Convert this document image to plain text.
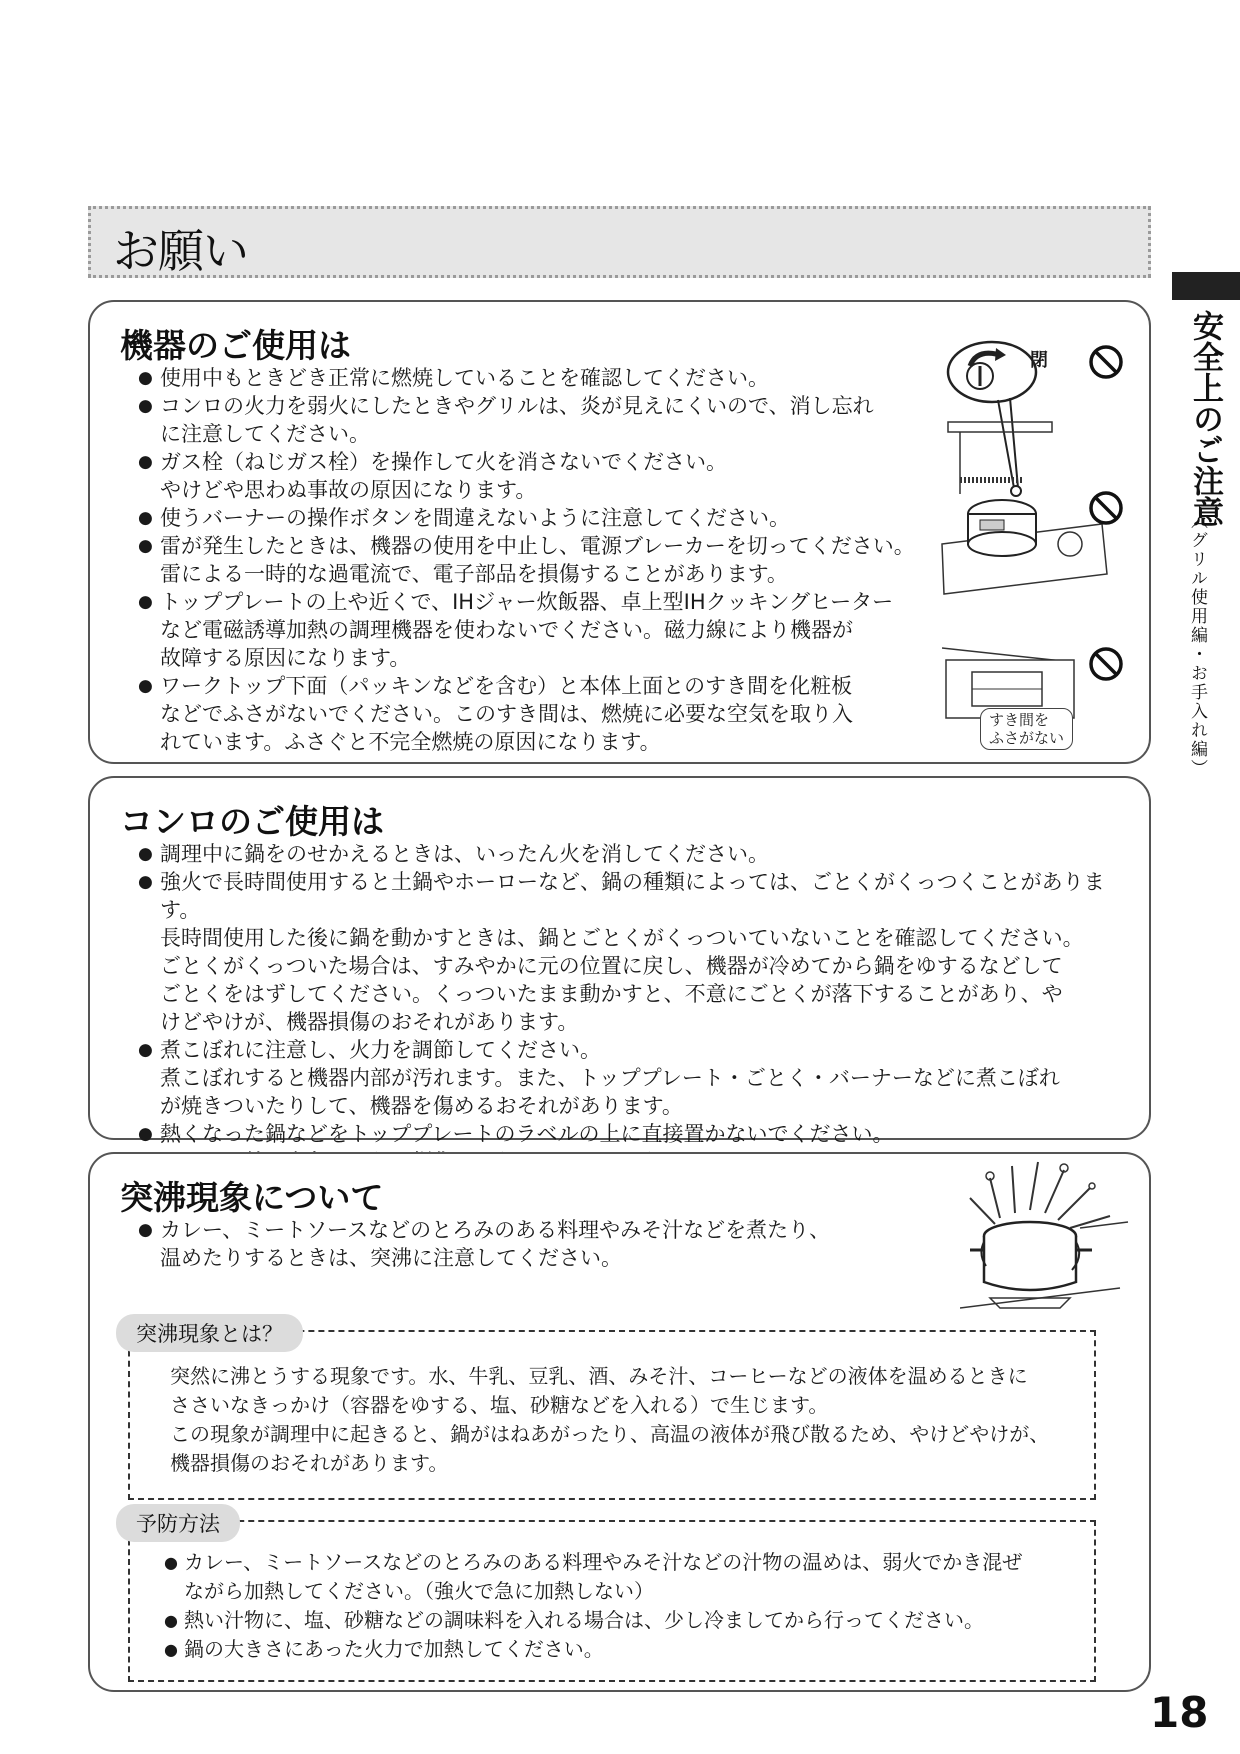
お願い
安全上のご注意
（グリル使用編・お手入れ編）
機器のご使用は
● 使用中もときどき正常に燃焼していることを確認してください。
● コンロの火力を弱火にしたときやグリルは、炎が見えにくいので、消し忘れ
に注意してください。
● ガス栓（ねじガス栓）を操作して火を消さないでください。
やけどや思わぬ事故の原因になります。
● 使うバーナーの操作ボタンを間違えないように注意してください。
● 雷が発生したときは、機器の使用を中止し、電源ブレーカーを切ってください。
雷による一時的な過電流で、電子部品を損傷することがあります。
● トッププレートの上や近くで、IHジャー炊飯器、卓上型IHクッキングヒーター
など電磁誘導加熱の調理機器を使わないでください。磁力線により機器が
故障する原因になります。
● ワークトップ下面（パッキンなどを含む）と本体上面とのすき間を化粧板
などでふさがないでください。このすき間は、燃焼に必要な空気を取り入
れています。ふさぐと不完全燃焼の原因になります。
閉
すき間を
ふさがない
コンロのご使用は
● 調理中に鍋をのせかえるときは、いったん火を消してください。
● 強火で長時間使用すると土鍋やホーローなど、鍋の種類によっては、ごとくがくっつくことがあります。
長時間使用した後に鍋を動かすときは、鍋とごとくがくっついていないことを確認してください。
ごとくがくっついた場合は、すみやかに元の位置に戻し、機器が冷めてから鍋をゆするなどして
ごとくをはずしてください。くっついたまま動かすと、不意にごとくが落下することがあり、や
けどやけが、機器損傷のおそれがあります。
● 煮こぼれに注意し、火力を調節してください。
煮こぼれすると機器内部が汚れます。また、トッププレート・ごとく・バーナーなどに煮こぼれ
が焼きついたりして、機器を傷めるおそれがあります。
● 熱くなった鍋などをトッププレートのラベルの上に直接置かないでください。

突沸現象について
● カレー、ミートソースなどのとろみのある料理やみそ汁などを煮たり、
温めたりするときは、突沸に注意してください。

突然に沸とうする現象です。水、牛乳、豆乳、酒、みそ汁、コーヒーなどの液体を温めるときに
ささいなきっかけ（容器をゆする、塩、砂糖などを入れる）で生じます。
この現象が調理中に起きると、鍋がはねあがったり、高温の液体が飛び散るため、やけどやけが、
機器損傷のおそれがあります。

突沸現象とは？
● カレー、ミートソースなどのとろみのある料理やみそ汁などの汁物の温めは、弱火でかき混ぜ
ながら加熱してください。（強火で急に加熱しない）
● 熱い汁物に、塩、砂糖などの調味料を入れる場合は、少し冷ましてから行ってください。
● 鍋の大きさにあった火力で加熱してください。
予防方法
18
